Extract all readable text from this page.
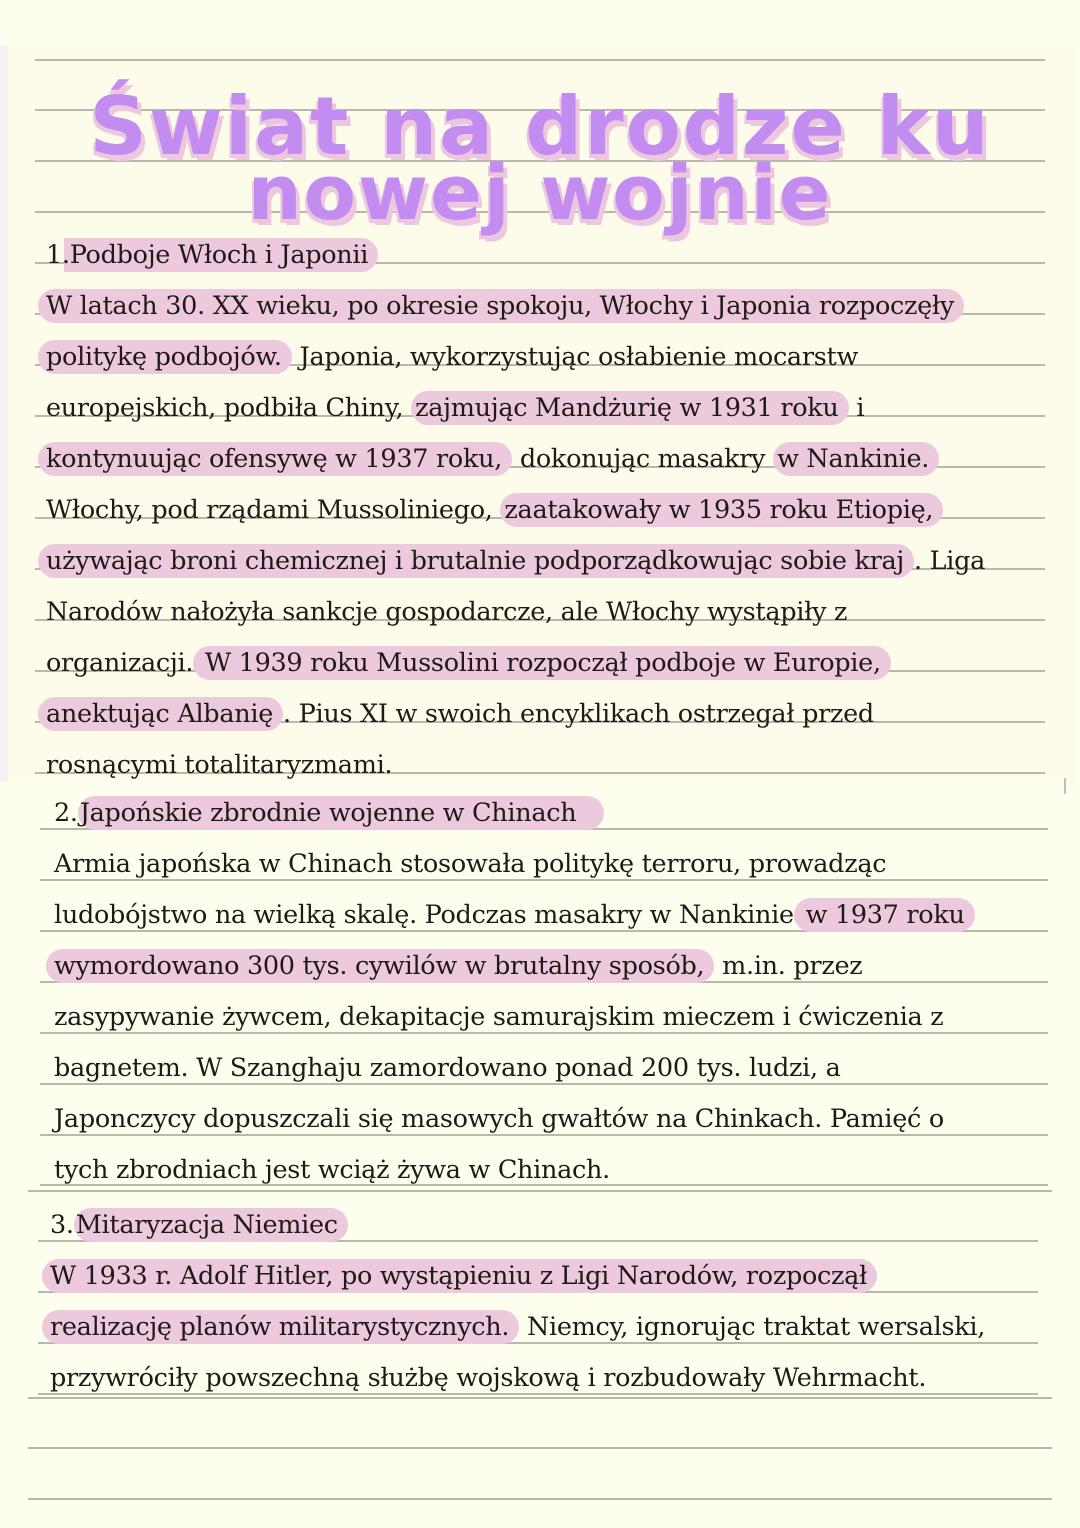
Świat na drodze ku
nowej wojnie
1.Podboje Włoch i Japonii
W latach 30. XX wieku, po okresie spokoju, Włochy i Japonia rozpoczęły
politykę podbojów. Japonia, wykorzystując osłabienie mocarstw
europejskich, podbiła Chiny, zajmując Mandżurię w 1931 roku i
kontynuując ofensywę w 1937 roku, dokonując masakry w Nankinie.
Włochy, pod rządami Mussoliniego, zaatakowały w 1935 roku Etiopię,
używając broni chemicznej i brutalnie podporządkowując sobie kraj . Liga
Narodów nałożyła sankcje gospodarcze, ale Włochy wystąpiły z
organizacji. W 1939 roku Mussolini rozpoczął podboje w Europie,
anektując Albanię . Pius XI w swoich encyklikach ostrzegał przed
rosnącymi totalitaryzmami.
2.Japońskie zbrodnie wojenne w Chinach
Armia japońska w Chinach stosowała politykę terroru, prowadząc
ludobójstwo na wielką skalę. Podczas masakry w Nankinie w 1937 roku
wymordowano 300 tys. cywilów w brutalny sposób, m.in. przez
zasypywanie żywcem, dekapitacje samurajskim mieczem i ćwiczenia z
bagnetem. W Szanghaju zamordowano ponad 200 tys. ludzi, a
Japonczycy dopuszczali się masowych gwałtów na Chinkach. Pamięć o
tych zbrodniach jest wciąż żywa w Chinach.
3.Mitaryzacja Niemiec
W 1933 r. Adolf Hitler, po wystąpieniu z Ligi Narodów, rozpoczął
realizację planów militarystycznych. Niemcy, ignorując traktat wersalski,
przywróciły powszechną służbę wojskową i rozbudowały Wehrmacht.
